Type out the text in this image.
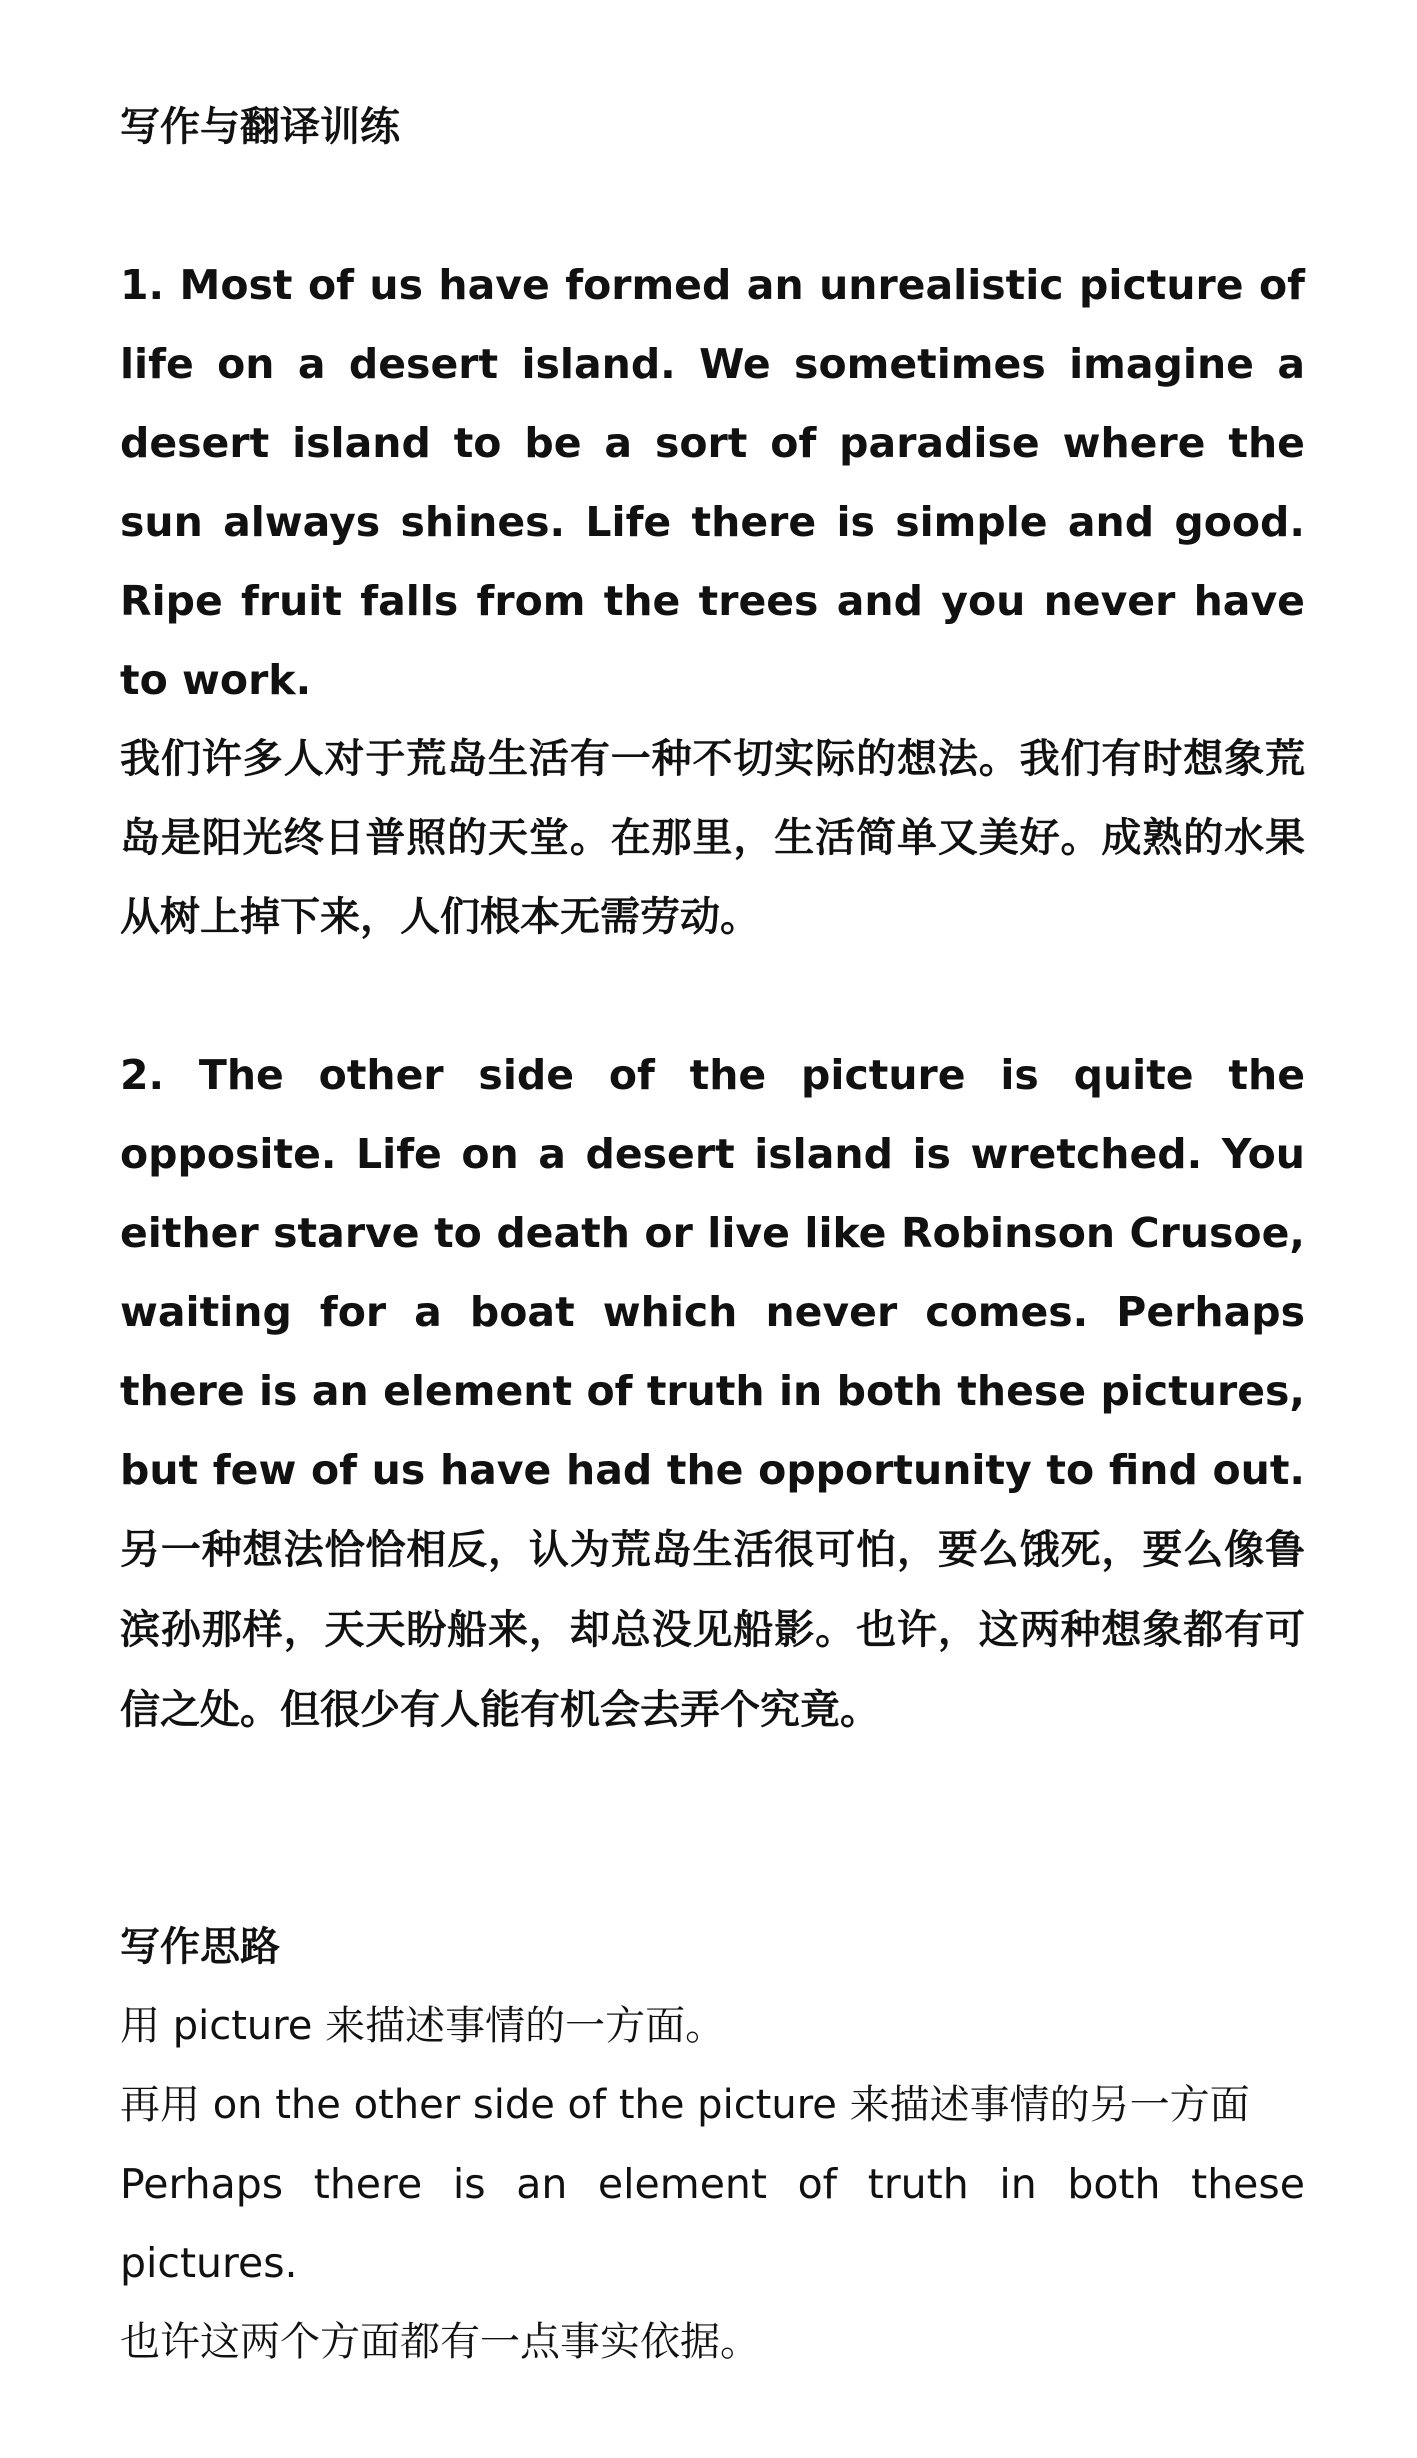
写作与翻译训练

1. Most of us have formed an unrealistic picture of life on a desert island. We sometimes imagine a desert island to be a sort of paradise where the sun always shines. Life there is simple and good. Ripe fruit falls from the trees and you never have to work.

我们许多人对于荒岛生活有一种不切实际的想法。我们有时想象荒岛是阳光终日普照的天堂。在那里，生活简单又美好。成熟的水果从树上掉下来，人们根本无需劳动。

2. The other side of the picture is quite the opposite. Life on a desert island is wretched. You either starve to death or live like Robinson Crusoe, waiting for a boat which never comes. Perhaps there is an element of truth in both these pictures, but few of us have had the opportunity to find out. 另一种想法恰恰相反，认为荒岛生活很可怕，要么饿死，要么像鲁滨孙那样，天天盼船来，却总没见船影。也许，这两种想象都有可信之处。但很少有人能有机会去弄个究竟。

写作思路

用 picture 来描述事情的一方面。

再用 on the other side of the picture 来描述事情的另一方面

Perhaps there is an element of truth in both these pictures.

也许这两个方面都有一点事实依据。
